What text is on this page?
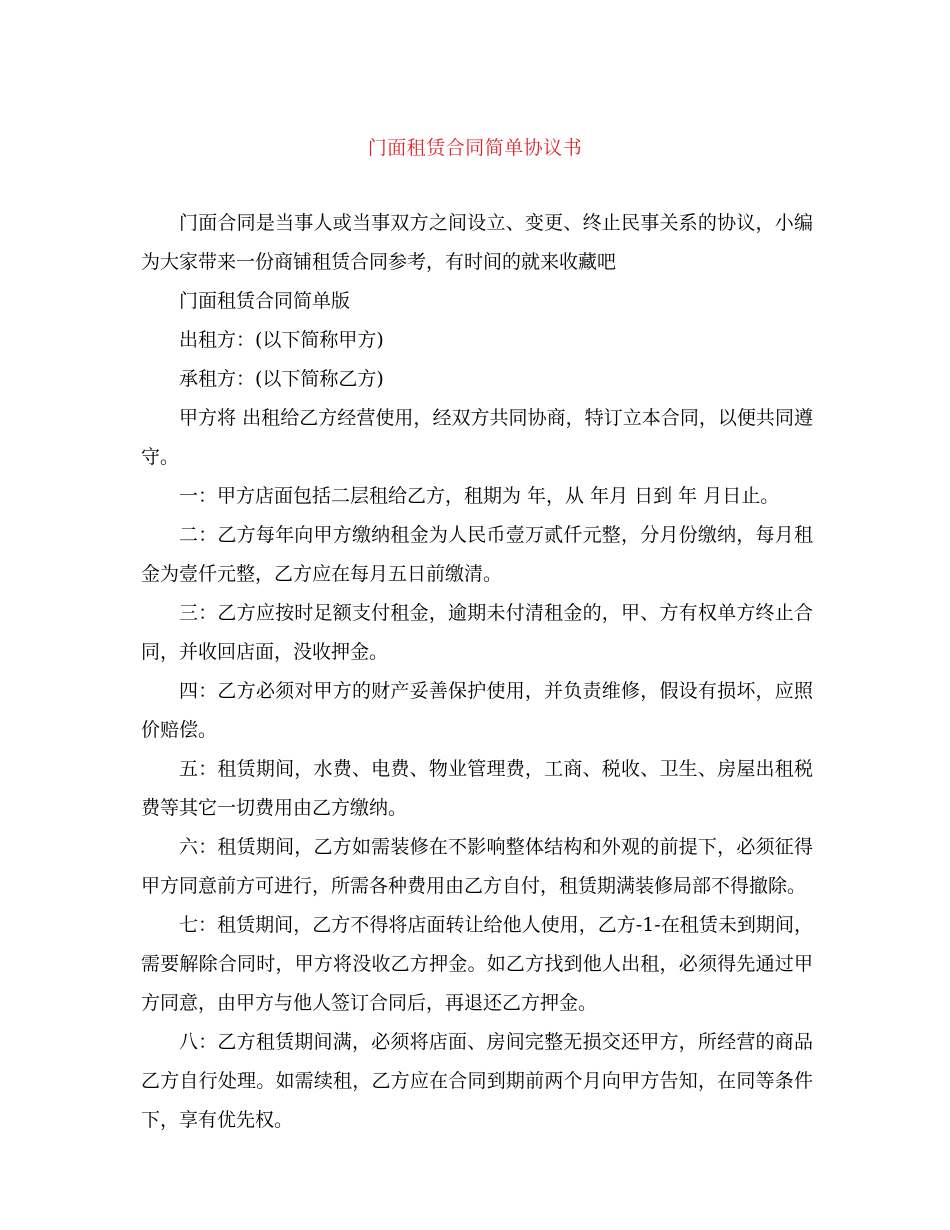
门面租赁合同简单协议书

门面合同是当事人或当事双方之间设立、变更、终止民事关系的协议，小编为大家带来一份商铺租赁合同参考，有时间的就来收藏吧

门面租赁合同简单版

出租方：(以下简称甲方)

承租方：(以下简称乙方)

甲方将 出租给乙方经营使用，经双方共同协商，特订立本合同，以便共同遵守。

一：甲方店面包括二层租给乙方，租期为 年，从 年月 日到 年 月日止。

二：乙方每年向甲方缴纳租金为人民币壹万贰仟元整，分月份缴纳，每月租金为壹仟元整，乙方应在每月五日前缴清。

三：乙方应按时足额支付租金，逾期未付清租金的，甲、方有权单方终止合同，并收回店面，没收押金。

四：乙方必须对甲方的财产妥善保护使用，并负责维修，假设有损坏，应照价赔偿。

五：租赁期间，水费、电费、物业管理费，工商、税收、卫生、房屋出租税费等其它一切费用由乙方缴纳。

六：租赁期间，乙方如需装修在不影响整体结构和外观的前提下，必须征得甲方同意前方可进行，所需各种费用由乙方自付，租赁期满装修局部不得撤除。

七：租赁期间，乙方不得将店面转让给他人使用，乙方-1-在租赁未到期间，需要解除合同时，甲方将没收乙方押金。如乙方找到他人出租，必须得先通过甲方同意，由甲方与他人签订合同后，再退还乙方押金。

八：乙方租赁期间满，必须将店面、房间完整无损交还甲方，所经营的商品乙方自行处理。如需续租，乙方应在合同到期前两个月向甲方告知，在同等条件下，享有优先权。
